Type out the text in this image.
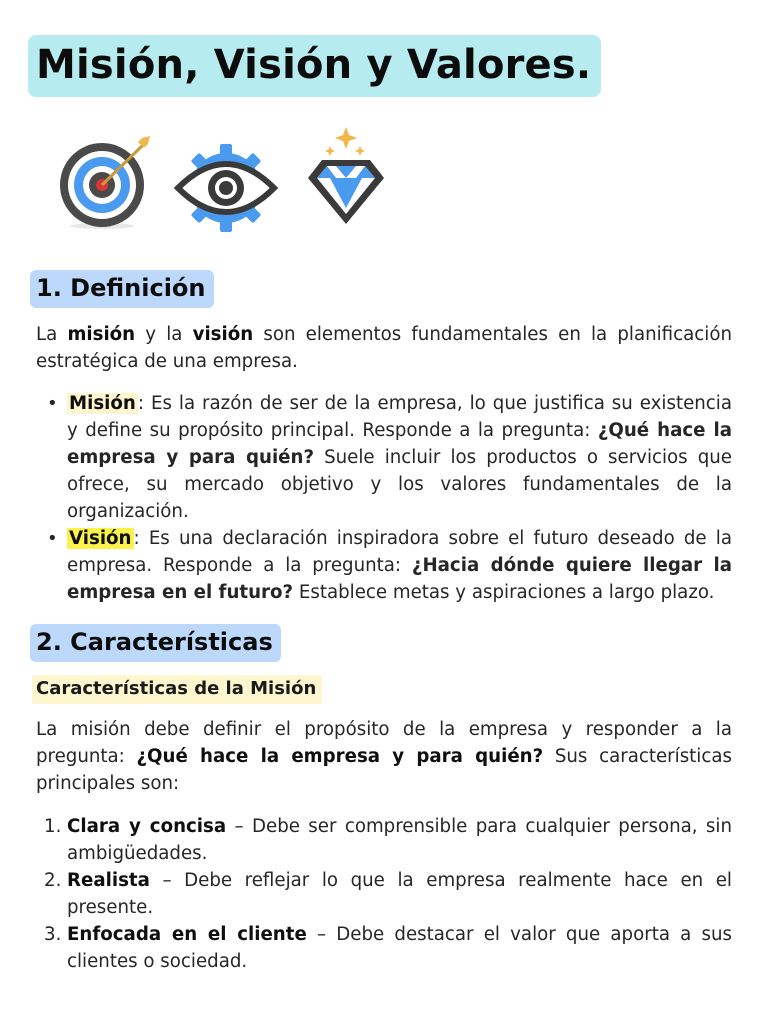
Misión, Visión y Valores.
1. Definición

La misión y la visión son elementos fundamentales en la planificación estratégica de una empresa.

• Misión : Es la razón de ser de la empresa, lo que justifica su existencia y define su propósito principal. Responde a la pregunta: ¿Qué hace la empresa y para quién? Suele incluir los productos o servicios que ofrece, su mercado objetivo y los valores fundamentales de la organización.
• Visión : Es una declaración inspiradora sobre el futuro deseado de la empresa. Responde a la pregunta: ¿Hacia dónde quiere llegar la empresa en el futuro? Establece metas y aspiraciones a largo plazo.
2. Características
Características de la Misión

La misión debe definir el propósito de la empresa y responder a la pregunta: ¿Qué hace la empresa y para quién? Sus características principales son:

1. Clara y concisa – Debe ser comprensible para cualquier persona, sin ambigüedades.
2. Realista – Debe reflejar lo que la empresa realmente hace en el presente.
3. Enfocada en el cliente – Debe destacar el valor que aporta a sus clientes o sociedad.
